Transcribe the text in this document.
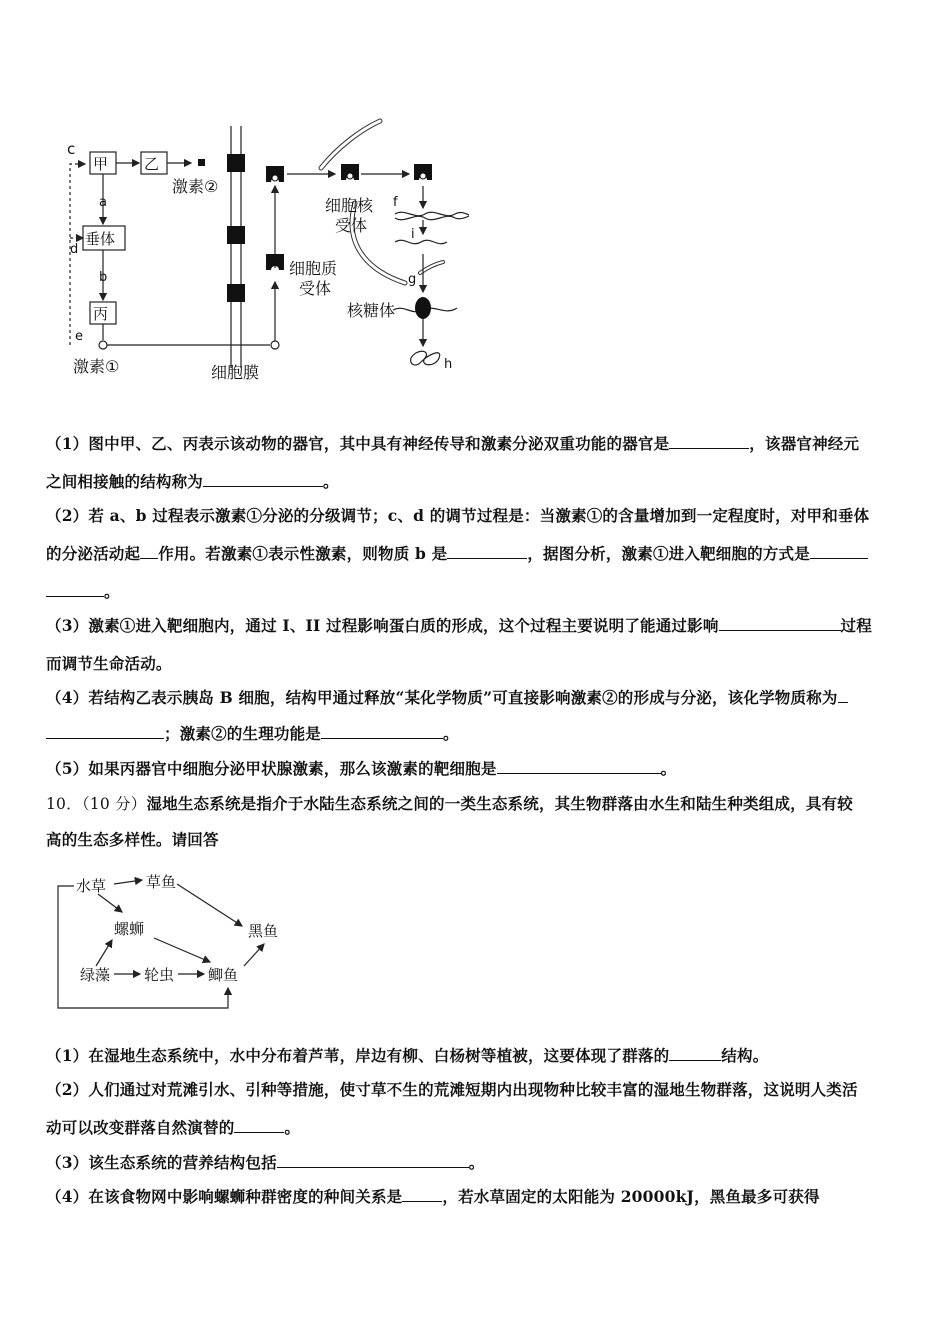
c
甲 乙
激素②
a
d
垂体
b
丙
e
激素①	细胞膜
细胞质
受体
细胞核
受体
f
i
g
核糖体
h
（1）图中甲、乙、丙表示该动物的器官，其中具有神经传导和激素分泌双重功能的器官是	，该器官神经元
之间相接触的结构称为	。
（2）若 a、b 过程表示激素①分泌的分级调节；c、d 的调节过程是：当激素①的含量增加到一定程度时，对甲和垂体
的分泌活动起 作用。若激素①表示性激素，则物质 b 是	，据图分析，激素①进入靶细胞的方式是
。
（3）激素①进入靶细胞内，通过 I、II 过程影响蛋白质的形成，这个过程主要说明了能通过影响	过程
而调节生命活动。
（4）若结构乙表示胰岛 B 细胞，结构甲通过释放“某化学物质”可直接影响激素②的形成与分泌，该化学物质称为
；激素②的生理功能是	。
（5）如果丙器官中细胞分泌甲状腺激素，那么该激素的靶细胞是	。
10．（10 分）湿地生态系统是指介于水陆生态系统之间的一类生态系统，其生物群落由水生和陆生种类组成，具有较
高的生态多样性。请回答
水草	草鱼
螺蛳	黑鱼
绿藻 轮虫 鲫鱼
（1）在湿地生态系统中，水中分布着芦苇，岸边有柳、白杨树等植被，这要体现了群落的	结构。
（2）人们通过对荒滩引水、引种等措施，使寸草不生的荒滩短期内出现物种比较丰富的湿地生物群落，这说明人类活
动可以改变群落自然演替的	。
（3）该生态系统的营养结构包括	。
（4）在该食物网中影响螺蛳种群密度的种间关系是	，若水草固定的太阳能为 20000kJ，黑鱼最多可获得
